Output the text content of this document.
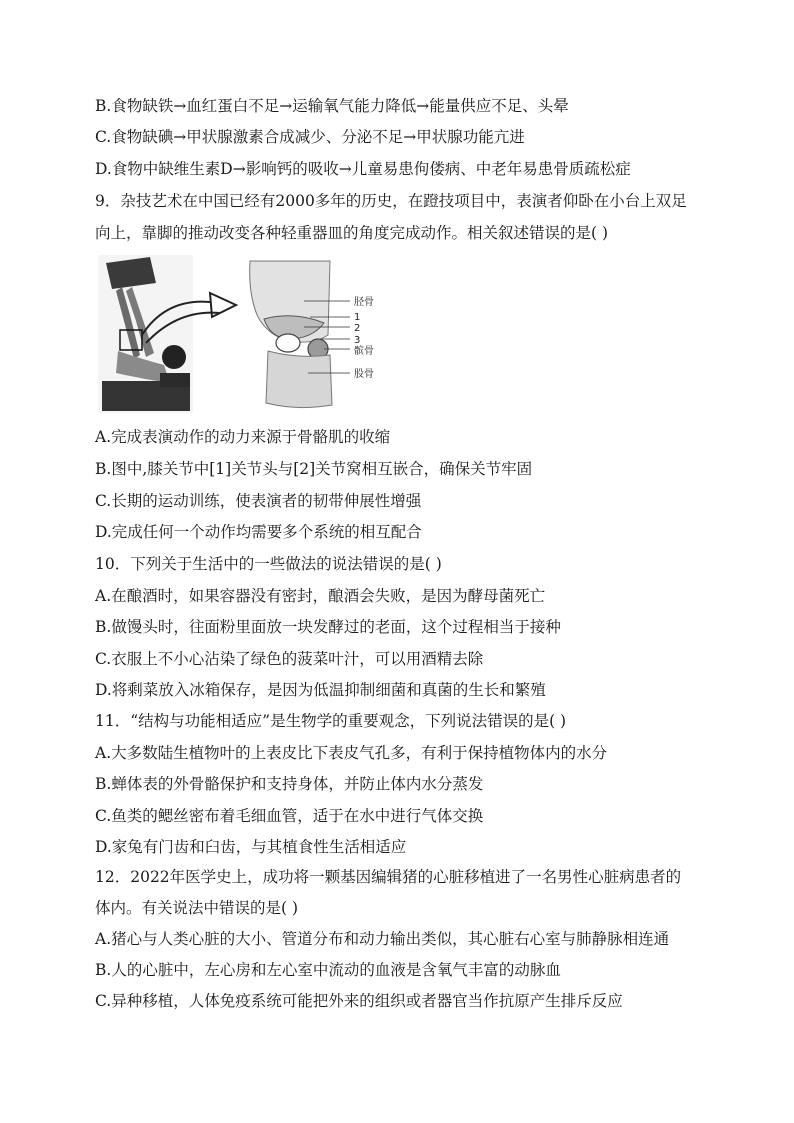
B.食物缺铁→血红蛋白不足→运输氧气能力降低→能量供应不足、头晕
C.食物缺碘→甲状腺激素合成减少、分泌不足→甲状腺功能亢进
D.食物中缺维生素D→影响钙的吸收→儿童易患佝偻病、中老年易患骨质疏松症
9．杂技艺术在中国已经有2000多年的历史，在蹬技项目中，表演者仰卧在小台上双足
向上，靠脚的推动改变各种轻重器皿的角度完成动作。相关叙述错误的是( )
胫骨
1
2
3
髌骨
股骨
A.完成表演动作的动力来源于骨骼肌的收缩
B.图中,膝关节中[1]关节头与[2]关节窝相互嵌合，确保关节牢固
C.长期的运动训练，使表演者的韧带伸展性增强
D.完成任何一个动作均需要多个系统的相互配合
10．下列关于生活中的一些做法的说法错误的是( )
A.在酿酒时，如果容器没有密封，酿酒会失败，是因为酵母菌死亡
B.做馒头时，往面粉里面放一块发酵过的老面，这个过程相当于接种
C.衣服上不小心沾染了绿色的菠菜叶汁，可以用酒精去除
D.将剩菜放入冰箱保存，是因为低温抑制细菌和真菌的生长和繁殖
11．“结构与功能相适应”是生物学的重要观念，下列说法错误的是( )
A.大多数陆生植物叶的上表皮比下表皮气孔多，有利于保持植物体内的水分
B.蝉体表的外骨骼保护和支持身体，并防止体内水分蒸发
C.鱼类的鳃丝密布着毛细血管，适于在水中进行气体交换
D.家兔有门齿和臼齿，与其植食性生活相适应
12．2022年医学史上，成功将一颗基因编辑猪的心脏移植进了一名男性心脏病患者的
体内。有关说法中错误的是( )
A.猪心与人类心脏的大小、管道分布和动力输出类似，其心脏右心室与肺静脉相连通
B.人的心脏中，左心房和左心室中流动的血液是含氧气丰富的动脉血
C.异种移植，人体免疫系统可能把外来的组织或者器官当作抗原产生排斥反应
